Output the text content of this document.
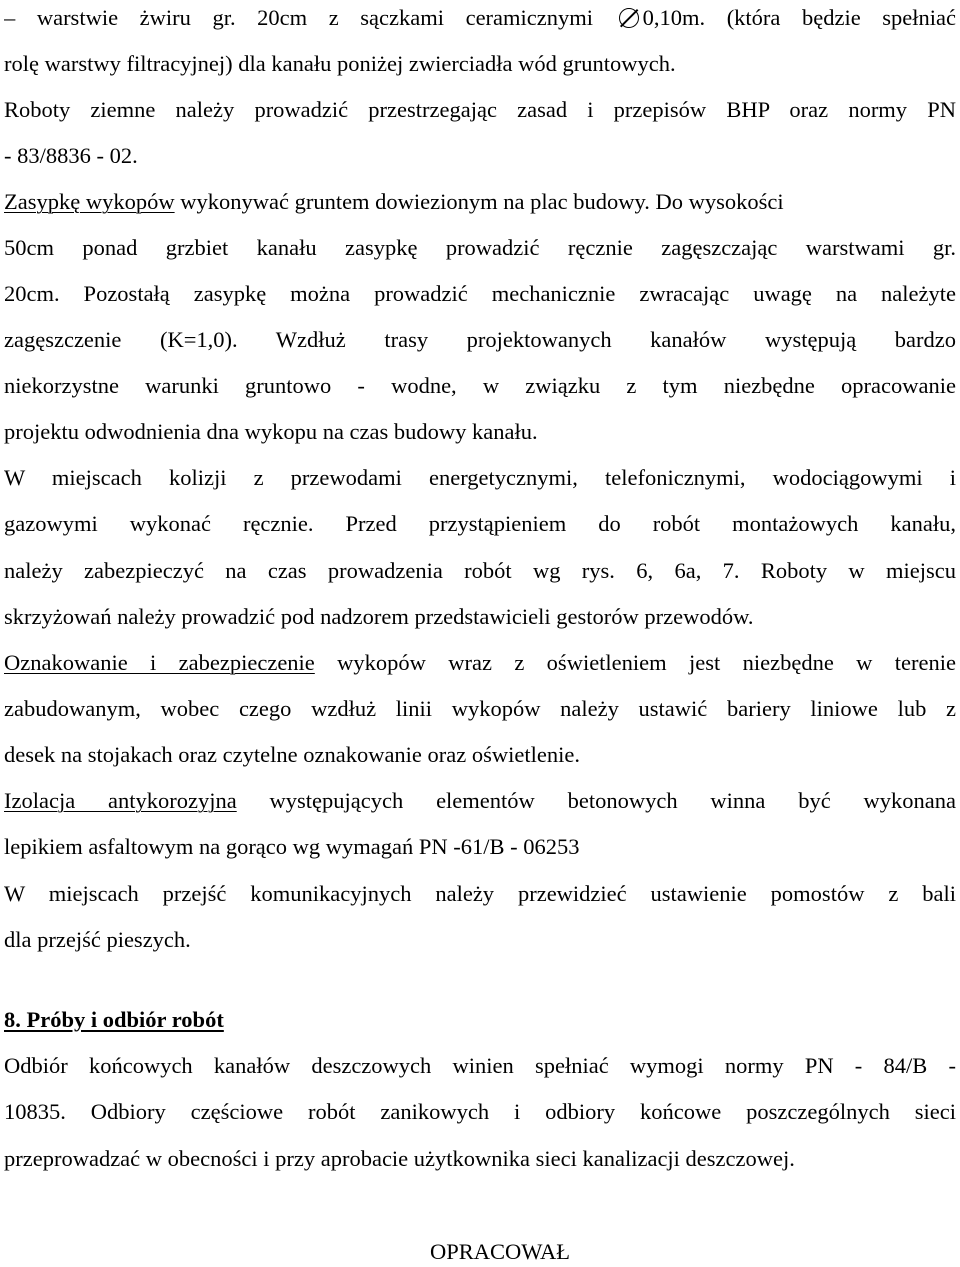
– warstwie żwiru gr. 20cm z sączkami ceramicznymi 0,10m. (która będzie spełniać
rolę warstwy filtracyjnej) dla kanału poniżej zwierciadła wód gruntowych.
Roboty ziemne należy prowadzić przestrzegając zasad i przepisów BHP oraz normy PN
- 83/8836 - 02.
Zasypkę wykopów wykonywać gruntem dowiezionym na plac budowy. Do wysokości
50cm ponad grzbiet kanału zasypkę prowadzić ręcznie zagęszczając warstwami gr.
20cm. Pozostałą zasypkę można prowadzić mechanicznie zwracając uwagę na należyte
zagęszczenie (K=1,0). Wzdłuż trasy projektowanych kanałów występują bardzo
niekorzystne warunki gruntowo - wodne, w związku z tym niezbędne opracowanie
projektu odwodnienia dna wykopu na czas budowy kanału.
W miejscach kolizji z przewodami energetycznymi, telefonicznymi, wodociągowymi i
gazowymi wykonać ręcznie. Przed przystąpieniem do robót montażowych kanału,
należy zabezpieczyć na czas prowadzenia robót wg rys. 6, 6a, 7. Roboty w miejscu
skrzyżowań należy prowadzić pod nadzorem przedstawicieli gestorów przewodów.
Oznakowanie i zabezpieczenie wykopów wraz z oświetleniem jest niezbędne w terenie
zabudowanym, wobec czego wzdłuż linii wykopów należy ustawić bariery liniowe lub z
desek na stojakach oraz czytelne oznakowanie oraz oświetlenie.
Izolacja antykorozyjna występujących elementów betonowych winna być wykonana
lepikiem asfaltowym na gorąco wg wymagań PN -61/B - 06253
W miejscach przejść komunikacyjnych należy przewidzieć ustawienie pomostów z bali
dla przejść pieszych.
8. Próby i odbiór robót
Odbiór końcowych kanałów deszczowych winien spełniać wymogi normy PN - 84/B -
10835. Odbiory częściowe robót zanikowych i odbiory końcowe poszczególnych sieci
przeprowadzać w obecności i przy aprobacie użytkownika sieci kanalizacji deszczowej.
OPRACOWAŁ
